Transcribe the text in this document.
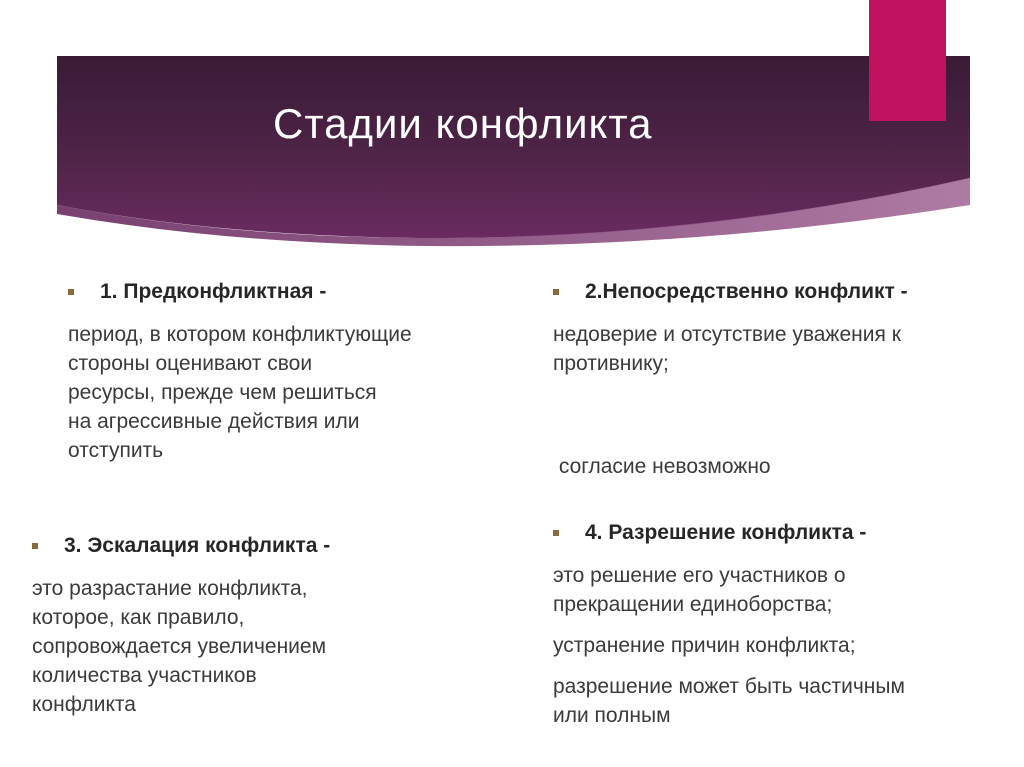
Стадии конфликта
1. Предконфликтная -

период, в котором конфликтующие
стороны оценивают свои
ресурсы, прежде чем решиться
на агрессивные действия или
отступить

2.Непосредственно конфликт -

недоверие и отсутствие уважения к
противнику;

согласие невозможно

3. Эскалация конфликта -

это разрастание конфликта,
которое, как правило,
сопровождается увеличением
количества участников
конфликта

4. Разрешение конфликта -

это решение его участников о
прекращении единоборства;

устранение причин конфликта;

разрешение может быть частичным
или полным
